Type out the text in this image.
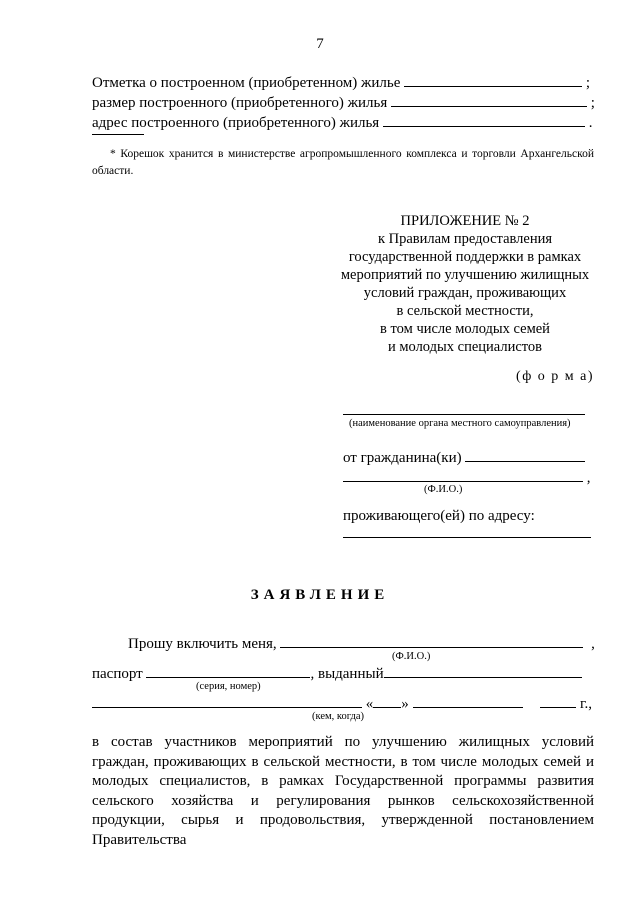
7
Отметка о построенном (приобретенном) жилье	;
размер построенного (приобретенного) жилья	;
адрес построенного (приобретенного) жилья	.
* Корешок хранится в министерстве агропромышленного комплекса и торговли Архангельской области.
ПРИЛОЖЕНИЕ № 2
к Правилам предоставления
государственной поддержки в рамках
мероприятий по улучшению жилищных
условий граждан, проживающих
в сельской местности,
в том числе молодых семей
и молодых специалистов
(ф о р м а)
(наименование органа местного самоуправления)
от гражданина(ки)
,
(Ф.И.О.)
проживающего(ей) по адресу:
ЗАЯВЛЕНИЕ
Прошу включить меня,	,
(Ф.И.О.)
паспорт	, выданный
(серия, номер)
« »	г.,
(кем, когда)
в состав участников мероприятий по улучшению жилищных условий граждан, проживающих в сельской местности, в том числе молодых семей и молодых специалистов, в рамках Государственной программы развития сельского хозяйства и регулирования рынков сельскохозяйственной продукции, сырья и продовольствия, утвержденной постановлением Правительства
